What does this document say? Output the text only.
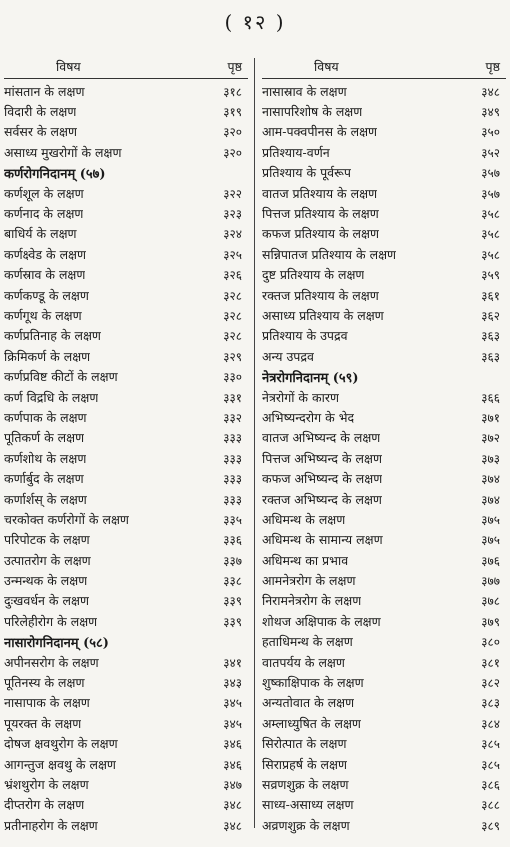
( १२ )
विषय	पृष्ठ
मांसतान के लक्षण	३१८
विदारी के लक्षण	३१९
सर्वसर के लक्षण	३२०
असाध्य मुखरोगों के लक्षण	३२०
कर्णरोगनिदानम् (५७)
कर्णशूल के लक्षण	३२२
कर्णनाद के लक्षण	३२३
बाधिर्य के लक्षण	३२४
कर्णक्ष्वेड के लक्षण	३२५
कर्णस्राव के लक्षण	३२६
कर्णकण्डू के लक्षण	३२८
कर्णगूथ के लक्षण	३२८
कर्णप्रतिनाह के लक्षण	३२८
क्रिमिकर्ण के लक्षण	३२९
कर्णप्रविष्ट कीटों के लक्षण	३३०
कर्ण विद्रधि के लक्षण	३३१
कर्णपाक के लक्षण	३३२
पूतिकर्ण के लक्षण	३३३
कर्णशोथ के लक्षण	३३३
कर्णार्बुद के लक्षण	३३३
कर्णार्शस् के लक्षण	३३३
चरकोक्त कर्णरोगों के लक्षण	३३५
परिपोटक के लक्षण	३३६
उत्पातरोग के लक्षण	३३७
उन्मन्थक के लक्षण	३३८
दुःखवर्धन के लक्षण	३३९
परिलेहीरोग के लक्षण	३३९
नासारोगनिदानम् (५८)
अपीनसरोग के लक्षण	३४१
पूतिनस्य के लक्षण	३४३
नासापाक के लक्षण	३४५
पूयरक्त के लक्षण	३४५
दोषज क्षवथुरोग के लक्षण	३४६
आगन्तुज क्षवथु के लक्षण	३४६
भ्रंशथुरोग के लक्षण	३४७
दीप्तरोग के लक्षण	३४८
प्रतीनाहरोग के लक्षण	३४८
विषय	पृष्ठ
नासास्राव के लक्षण	३४८
नासापरिशोष के लक्षण	३४९
आम-पक्वपीनस के लक्षण	३५०
प्रतिश्याय-वर्णन	३५२
प्रतिश्याय के पूर्वरूप	३५७
वातज प्रतिश्याय के लक्षण	३५७
पित्तज प्रतिश्याय के लक्षण	३५८
कफज प्रतिश्याय के लक्षण	३५८
सन्निपातज प्रतिश्याय के लक्षण	३५८
दुष्ट प्रतिश्याय के लक्षण	३५९
रक्तज प्रतिश्याय के लक्षण	३६१
असाध्य प्रतिश्याय के लक्षण	३६२
प्रतिश्याय के उपद्रव	३६३
अन्य उपद्रव	३६३
नेत्ररोगनिदानम् (५९)
नेत्ररोगों के कारण	३६६
अभिष्यन्दरोग के भेद	३७१
वातज अभिष्यन्द के लक्षण	३७२
पित्तज अभिष्यन्द के लक्षण	३७३
कफज अभिष्यन्द के लक्षण	३७४
रक्तज अभिष्यन्द के लक्षण	३७४
अधिमन्थ के लक्षण	३७५
अधिमन्थ के सामान्य लक्षण	३७५
अधिमन्थ का प्रभाव	३७६
आमनेत्ररोग के लक्षण	३७७
निरामनेत्ररोग के लक्षण	३७८
शोथज अक्षिपाक के लक्षण	३७९
हताधिमन्थ के लक्षण	३८०
वातपर्यय के लक्षण	३८१
शुष्काक्षिपाक के लक्षण	३८२
अन्यतोवात के लक्षण	३८३
अम्लाध्युषित के लक्षण	३८४
सिरोत्पात के लक्षण	३८५
सिराप्रहर्ष के लक्षण	३८५
सव्रणशुक्र के लक्षण	३८६
साध्य-असाध्य लक्षण	३८८
अव्रणशुक्र के लक्षण	३८९
